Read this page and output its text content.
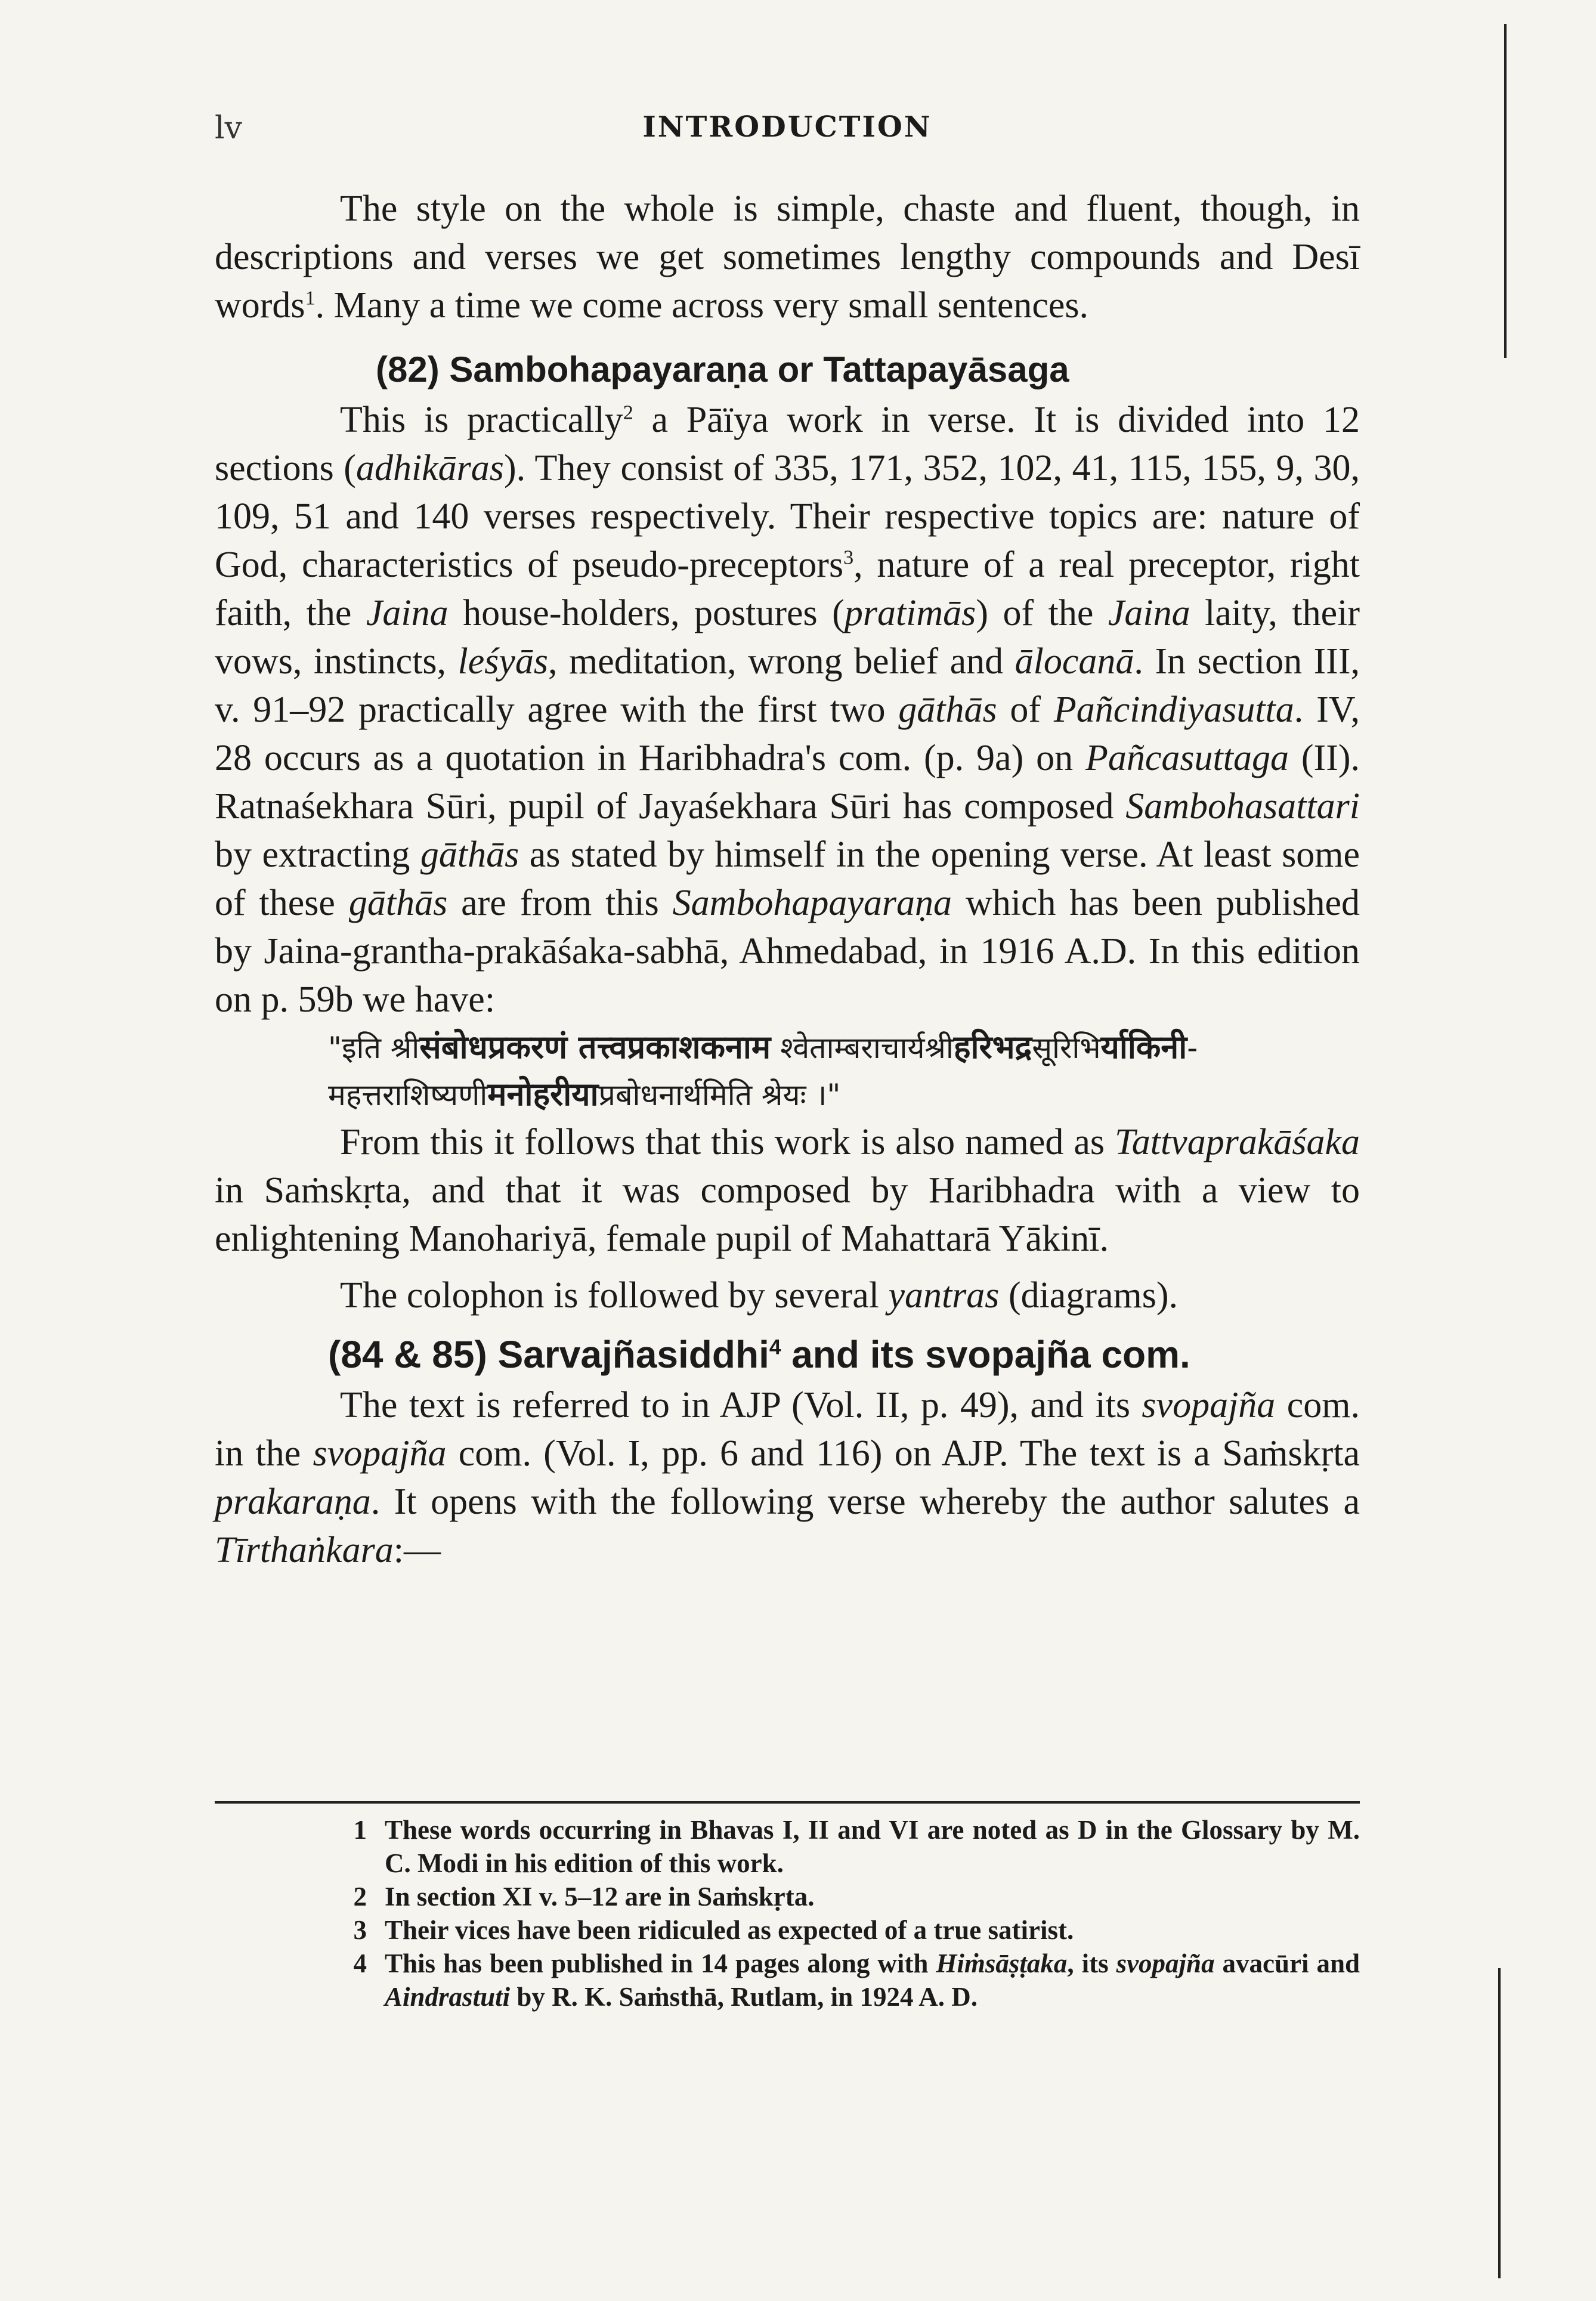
lv	INTRODUCTION

The style on the whole is simple, chaste and fluent, though, in descriptions and verses we get sometimes lengthy compounds and Desī words$^1$. Many a time we come across very small sentences.

(82) Sambohapayaraṇa or Tattapayāsaga

This is practically$^2$ a Pāïya work in verse. It is divided into 12 sections (adhikāras). They consist of 335, 171, 352, 102, 41, 115, 155, 9, 30, 109, 51 and 140 verses respectively. Their respective topics are: nature of God, characteristics of pseudo-preceptors$^3$, nature of a real preceptor, right faith, the Jaina house-holders, postures (pratimās) of the Jaina laity, their vows, instincts, leśyās, meditation, wrong belief and ālocanā. In section III, v. 91–92 practically agree with the first two gāthās of Pañcindiyasutta. IV, 28 occurs as a quotation in Haribhadra's com. (p. 9a) on Pañcasuttaga (II). Ratnaśekhara Sūri, pupil of Jayaśekhara Sūri has composed Sambohasattari by extracting gāthās as stated by himself in the opening verse. At least some of these gāthās are from this Sambohapayaraṇa which has been published by Jaina-grantha-prakāśaka-sabhā, Ahmedabad, in 1916 A.D. In this edition on p. 59b we have:

"इति श्रीसंबोधप्रकरणं तत्त्वप्रकाशकनाम श्वेताम्बराचार्यश्रीहरिभद्रसूरिभिर्याकिनी-
महत्तराशिष्यणीमनोहरीयाप्रबोधनार्थमिति श्रेयः ।"

From this it follows that this work is also named as Tattvaprakāśaka in Saṁskṛta, and that it was composed by Haribhadra with a view to enlightening Manohariyā, female pupil of Mahattarā Yākinī.

The colophon is followed by several yantras (diagrams).

(84 & 85) Sarvajñasiddhi$^4$ and its svopajña com.

The text is referred to in AJP (Vol. II, p. 49), and its svopajña com. in the svopajña com. (Vol. I, pp. 6 and 116) on AJP. The text is a Saṁskṛta prakaraṇa. It opens with the following verse whereby the author salutes a Tīrthaṅkara:—

1 These words occurring in Bhavas I, II and VI are noted as D in the Glossary by M. C. Modi in his edition of this work.
2 In section XI v. 5–12 are in Saṁskṛta.
3 Their vices have been ridiculed as expected of a true satirist.
4 This has been published in 14 pages along with Hiṁsāṣṭaka, its svopajña avacūri and Aindrastuti by R. K. Saṁsthā, Rutlam, in 1924 A. D.
